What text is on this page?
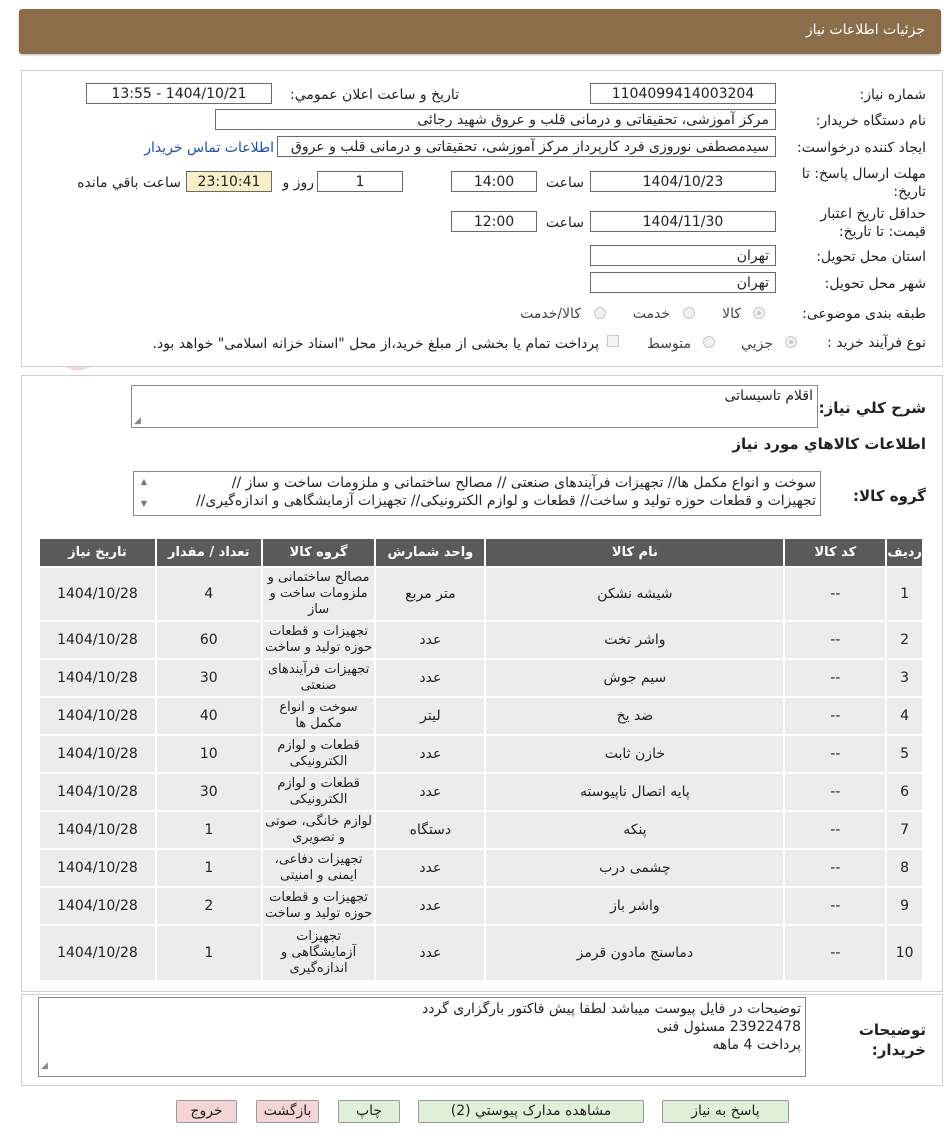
جزئیات اطلاعات نیاز
شماره نیاز:
1104099414003204
تاریخ و ساعت اعلان عمومي:
1404/10/21 - 13:55
نام دستگاه خریدار:
مرکز آموزشی، تحقیقاتی و درمانی قلب و عروق شهید رجائی
ایجاد کننده درخواست:
سیدمصطفی نوروزی فرد کارپرداز مرکز آموزشی، تحقیقاتی و درمانی قلب و عروق
اطلاعات تماس خریدار
مهلت ارسال پاسخ: تا تاریخ:
1404/10/23
ساعت
14:00
1
روز و
23:10:41
ساعت باقي مانده
حداقل تاریخ اعتبار قیمت: تا تاریخ:
1404/11/30
ساعت
12:00
استان محل تحویل:
تهران
شهر محل تحویل:
تهران
طبقه بندی موضوعی:
کالا
خدمت
کالا/خدمت
نوع فرآیند خرید :
جزیي
متوسط
پرداخت تمام یا بخشی از مبلغ خرید،از محل "اسناد خزانه اسلامی" خواهد بود.
شرح کلي نیاز:
اقلام تاسیساتی
◢
اطلاعات کالاهاي مورد نیاز
گروه کالا:
سوخت و انواع مکمل ها// تجهیزات فرآیندهای صنعتی // مصالح ساختمانی و ملزومات ساخت و ساز //
تجهیزات و قطعات حوزه تولید و ساخت// قطعات و لوازم الکترونیکی// تجهیزات آزمایشگاهی و اندازه‌گیری//
▲
▼
ردیف	کد کالا	نام کالا	واحد شمارش	گروه کالا	تعداد / مقدار	تاریخ نیاز
1	--	شیشه نشکن	متر مربع	مصالح ساختمانی و ملزومات ساخت و ساز	4	1404/10/28
2	--	واشر تخت	عدد	تجهیزات و قطعات حوزه تولید و ساخت	60	1404/10/28
3	--	سیم جوش	عدد	تجهیزات فرآیندهای صنعتی	30	1404/10/28
4	--	ضد یخ	لیتر	سوخت و انواع مکمل ها	40	1404/10/28
5	--	خازن ثابت	عدد	قطعات و لوازم الکترونیکی	10	1404/10/28
6	--	پایه اتصال ناپیوسته	عدد	قطعات و لوازم الکترونیکی	30	1404/10/28
7	--	پنکه	دستگاه	لوازم خانگی، صوتی و تصویری	1	1404/10/28
8	--	چشمی درب	عدد	تجهیزات دفاعی، ایمنی و امنیتی	1	1404/10/28
9	--	واشر باز	عدد	تجهیزات و قطعات حوزه تولید و ساخت	2	1404/10/28
10	--	دماسنج مادون قرمز	عدد	تجهیزات آزمایشگاهی و اندازه‌گیری	1	1404/10/28
توضیحات خریدار:
توضیحات در فایل پیوست میباشد لطفا پیش فاکتور بارگزاری گردد
23922478 مسئول فنی
پرداخت 4 ماهه
◢
پاسخ به نیاز
مشاهده مدارک پیوستي (2)
چاپ
بازگشت
خروج
